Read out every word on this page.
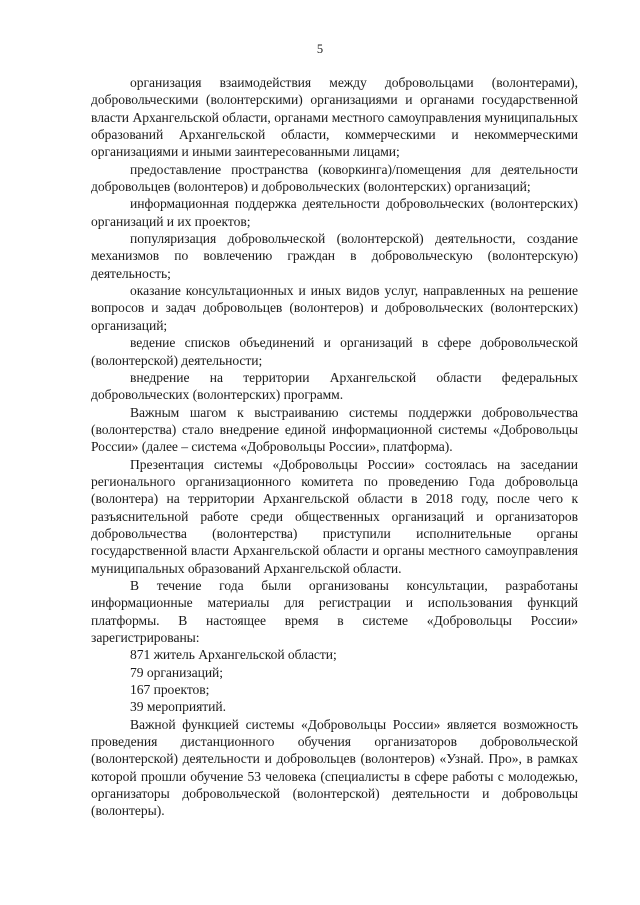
5

организация взаимодействия между добровольцами (волонтерами), добровольческими (волонтерскими) организациями и органами государственной власти Архангельской области, органами местного самоуправления муниципальных образований Архангельской области, коммерческими и некоммерческими организациями и иными заинтересованными лицами;

предоставление пространства (коворкинга)/помещения для деятельности добровольцев (волонтеров) и добровольческих (волонтерских) организаций;

информационная поддержка деятельности добровольческих (волонтерских) организаций и их проектов;

популяризация добровольческой (волонтерской) деятельности, создание механизмов по вовлечению граждан в добровольческую (волонтерскую) деятельность;

оказание консультационных и иных видов услуг, направленных на решение вопросов и задач добровольцев (волонтеров) и добровольческих (волонтерских) организаций;

ведение списков объединений и организаций в сфере добровольческой (волонтерской) деятельности;

внедрение на территории Архангельской области федеральных добровольческих (волонтерских) программ.

Важным шагом к выстраиванию системы поддержки добровольчества (волонтерства) стало внедрение единой информационной системы «Добровольцы России» (далее – система «Добровольцы России», платформа).

Презентация системы «Добровольцы России» состоялась на заседании регионального организационного комитета по проведению Года добровольца (волонтера) на территории Архангельской области в 2018 году, после чего к разъяснительной работе среди общественных организаций и организаторов добровольчества (волонтерства) приступили исполнительные органы государственной власти Архангельской области и органы местного самоуправления муниципальных образований Архангельской области.

В течение года были организованы консультации, разработаны информационные материалы для регистрации и использования функций платформы. В настоящее время в системе «Добровольцы России» зарегистрированы:

871 житель Архангельской области;

79 организаций;

167 проектов;

39 мероприятий.

Важной функцией системы «Добровольцы России» является возможность проведения дистанционного обучения организаторов добровольческой (волонтерской) деятельности и добровольцев (волонтеров) «Узнай. Про», в рамках которой прошли обучение 53 человека (специалисты в сфере работы с молодежью, организаторы добровольческой (волонтерской) деятельности и добровольцы (волонтеры).
